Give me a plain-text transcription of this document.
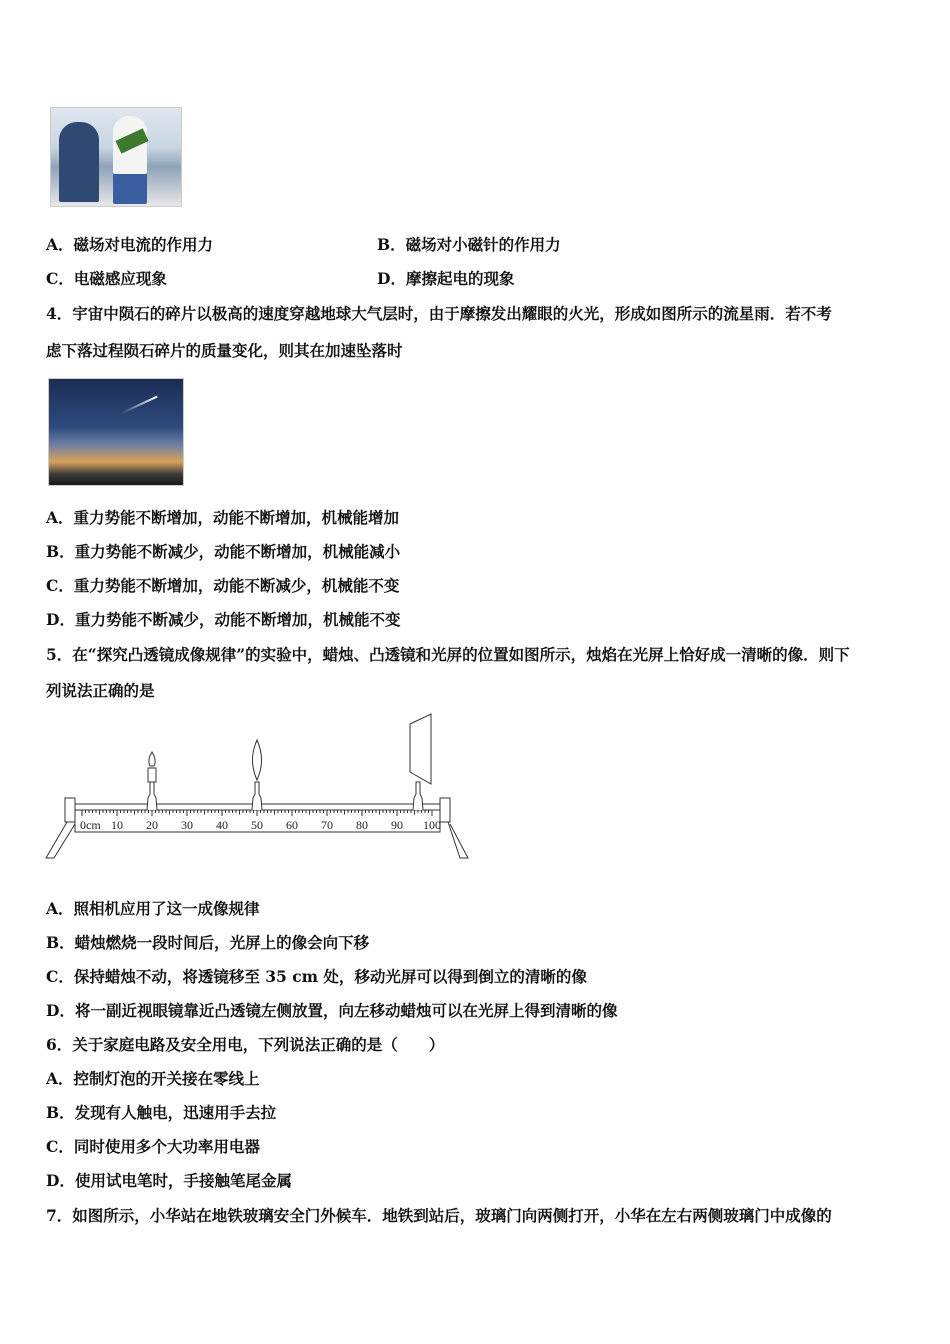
A．磁场对电流的作用力	B．磁场对小磁针的作用力
C．电磁感应现象	D．摩擦起电的现象
4．宇宙中陨石的碎片以极高的速度穿越地球大气层时，由于摩擦发出耀眼的火光，形成如图所示的流星雨．若不考
虑下落过程陨石碎片的质量变化，则其在加速坠落时
A．重力势能不断增加，动能不断增加，机械能增加
B．重力势能不断减少，动能不断增加，机械能减小
C．重力势能不断增加，动能不断减少，机械能不变
D．重力势能不断减少，动能不断增加，机械能不变
5．在“探究凸透镜成像规律”的实验中，蜡烛、凸透镜和光屏的位置如图所示，烛焰在光屏上恰好成一清晰的像．则下
列说法正确的是
0cm 10 20 30 40 50 60 70 80 90 100
A．照相机应用了这一成像规律
B．蜡烛燃烧一段时间后，光屏上的像会向下移
C．保持蜡烛不动，将透镜移至 35 cm 处，移动光屏可以得到倒立的清晰的像
D．将一副近视眼镜靠近凸透镜左侧放置，向左移动蜡烛可以在光屏上得到清晰的像
6．关于家庭电路及安全用电，下列说法正确的是（　　）
A．控制灯泡的开关接在零线上
B．发现有人触电，迅速用手去拉
C．同时使用多个大功率用电器
D．使用试电笔时，手接触笔尾金属
7．如图所示，小华站在地铁玻璃安全门外候车．地铁到站后，玻璃门向两侧打开，小华在左右两侧玻璃门中成像的
